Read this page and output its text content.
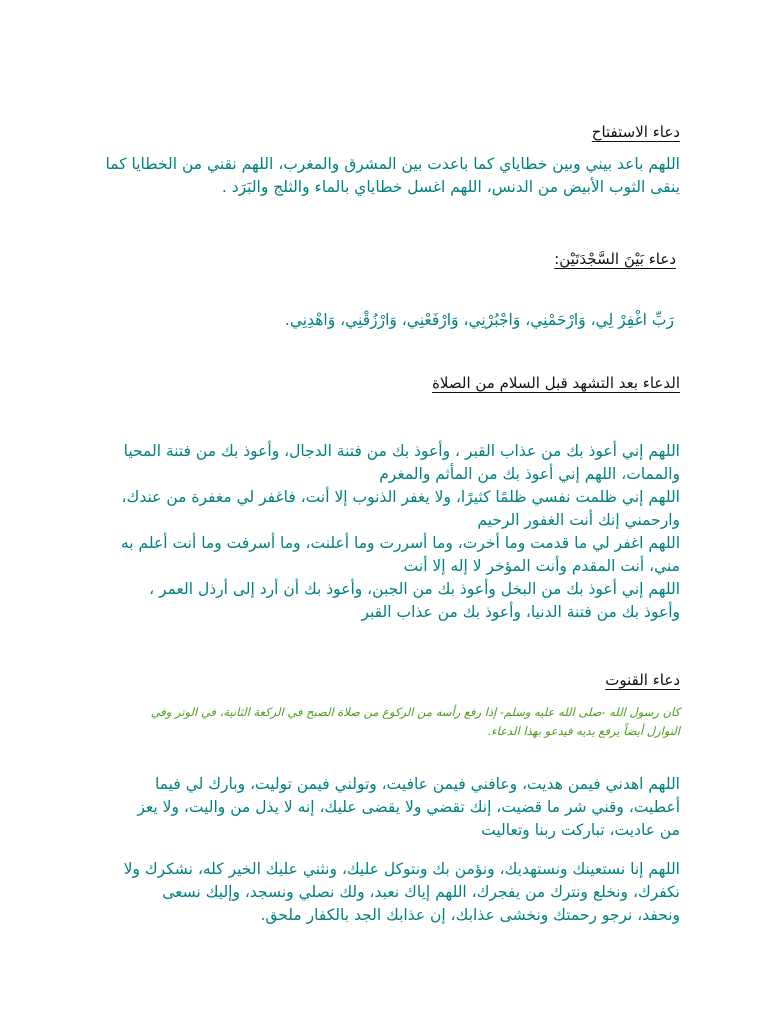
دعاء الاستفتاح
اللهم باعد بيني وبين خطاياي كما باعدت بين المشرق والمغرب، اللهم نقني من الخطايا كما
ينقى الثوب الأبيض من الدنس، اللهم اغسل خطاياي بالماء والثلج والبَرَد .
دعاء بَيْنَ السَّجْدَتَيْن:
رَبِّ اغْفِرْ لِي، وَارْحَمْنِي، وَاجْبُرْنِي، وَارْفَعْنِي، وَارْزُقْنِي، وَاهْدِنِي.
الدعاء بعد التشهد قبل السلام من الصلاة
اللهم إني أعوذ بك من عذاب القبر ، وأعوذ بك من فتنة الدجال، وأعوذ بك من فتنة المحيا
والممات، اللهم إني أعوذ بك من المأثم والمغرم
اللهم إني ظلمت نفسي ظلمًا كثيرًا، ولا يغفر الذنوب إلا أنت، فاغفر لي مغفرة من عندك،
وارحمني إنك أنت الغفور الرحيم
اللهم اغفر لي ما قدمت وما أخرت، وما أسررت وما أعلنت، وما أسرفت وما أنت أعلم به
مني، أنت المقدم وأنت المؤخر لا إله إلا أنت
اللهم إني أعوذ بك من البخل وأعوذ بك من الجبن، وأعوذ بك أن أرد إلى أرذل العمر ،
وأعوذ بك من فتنة الدنيا، وأعوذ بك من عذاب القبر
دعاء القنوت
كان رسول الله -صلى الله عليه وسلم- إذا رفع رأسه من الركوع من صلاة الصبح في الركعة الثانية، في الوتر وفي
النوازل أيضاً يرفع يديه فيدعو بهذا الدعاء.
اللهم اهدني فيمن هديت، وعافني فيمن عافيت، وتولني فيمن توليت، وبارك لي فيما
أعطيت، وقني شر ما قضيت، إنك تقضي ولا يقضى عليك، إنه لا يذل من واليت، ولا يعز
من عاديت، تباركت ربنا وتعاليت
اللهم إنا نستعينك ونستهديك، ونؤمن بك ونتوكل عليك، ونثني عليك الخير كله، نشكرك ولا
نكفرك، ونخلع ونترك من يفجرك، اللهم إياك نعبد، ولك نصلي ونسجد، وإليك نسعى
ونحفد، نرجو رحمتك ونخشى عذابك، إن عذابك الجد بالكفار ملحق.
